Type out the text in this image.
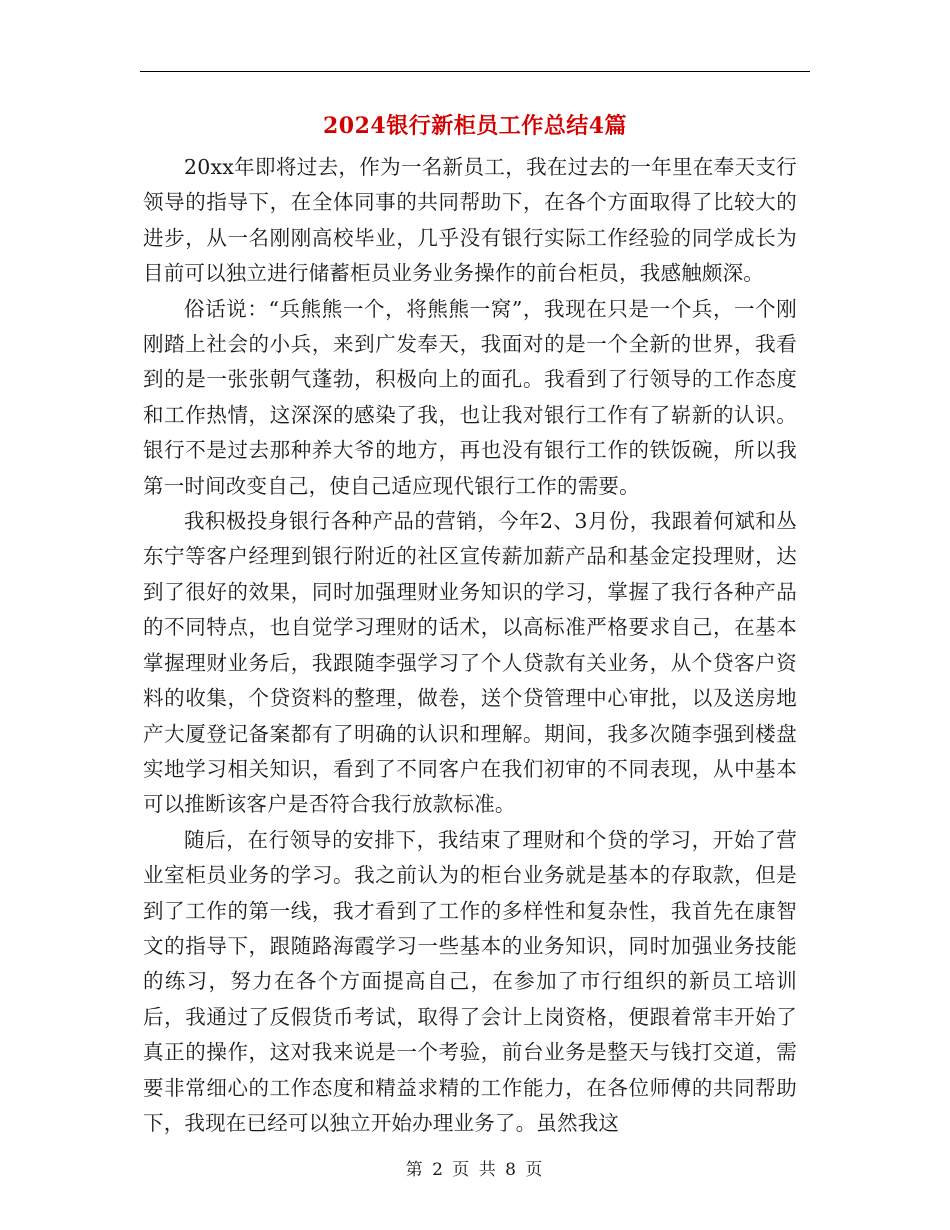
2024银行新柜员工作总结4篇

20xx年即将过去，作为一名新员工，我在过去的一年里在奉天支行领导的指导下，在全体同事的共同帮助下，在各个方面取得了比较大的进步，从一名刚刚高校毕业，几乎没有银行实际工作经验的同学成长为目前可以独立进行储蓄柜员业务业务操作的前台柜员，我感触颇深。

俗话说：“兵熊熊一个，将熊熊一窝”，我现在只是一个兵，一个刚刚踏上社会的小兵，来到广发奉天，我面对的是一个全新的世界，我看到的是一张张朝气蓬勃，积极向上的面孔。我看到了行领导的工作态度和工作热情，这深深的感染了我，也让我对银行工作有了崭新的认识。银行不是过去那种养大爷的地方，再也没有银行工作的铁饭碗，所以我第一时间改变自己，使自己适应现代银行工作的需要。

我积极投身银行各种产品的营销，今年2、3月份，我跟着何斌和丛东宁等客户经理到银行附近的社区宣传薪加薪产品和基金定投理财，达到了很好的效果，同时加强理财业务知识的学习，掌握了我行各种产品的不同特点，也自觉学习理财的话术，以高标准严格要求自己，在基本掌握理财业务后，我跟随李强学习了个人贷款有关业务，从个贷客户资料的收集，个贷资料的整理，做卷，送个贷管理中心审批，以及送房地产大厦登记备案都有了明确的认识和理解。期间，我多次随李强到楼盘实地学习相关知识，看到了不同客户在我们初审的不同表现，从中基本可以推断该客户是否符合我行放款标准。

随后，在行领导的安排下，我结束了理财和个贷的学习，开始了营业室柜员业务的学习。我之前认为的柜台业务就是基本的存取款，但是到了工作的第一线，我才看到了工作的多样性和复杂性，我首先在康智文的指导下，跟随路海霞学习一些基本的业务知识，同时加强业务技能的练习，努力在各个方面提高自己，在参加了市行组织的新员工培训后，我通过了反假货币考试，取得了会计上岗资格，便跟着常丰开始了真正的操作，这对我来说是一个考验，前台业务是整天与钱打交道，需要非常细心的工作态度和精益求精的工作能力，在各位师傅的共同帮助下，我现在已经可以独立开始办理业务了。虽然我这

第 2 页 共 8 页
